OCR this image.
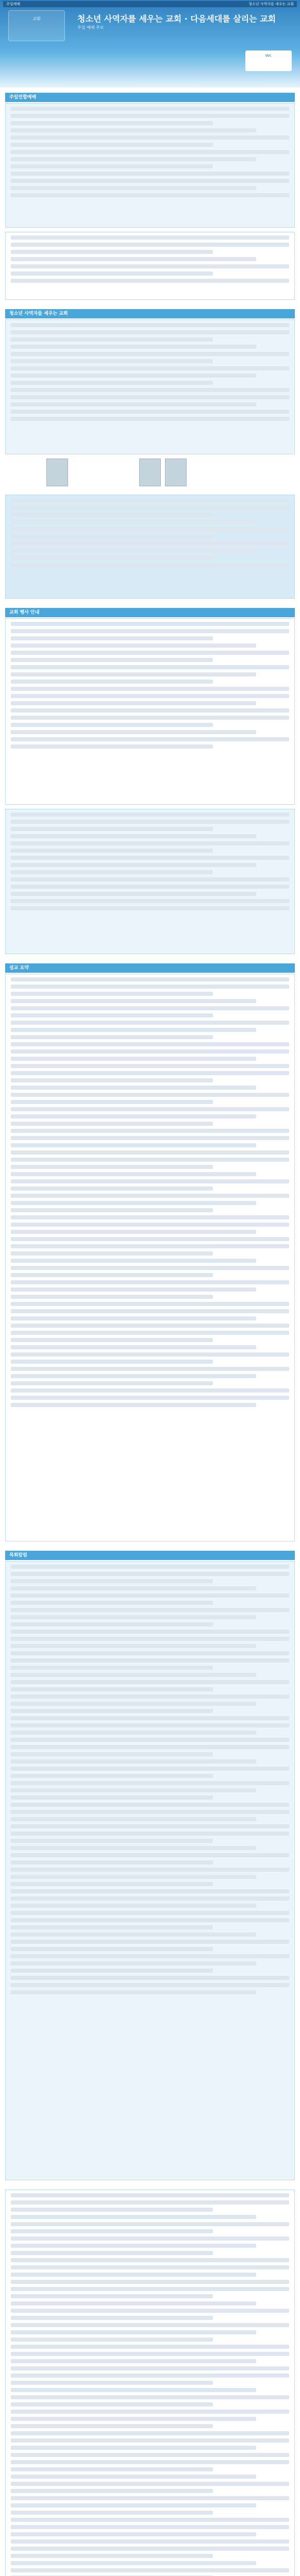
주일예배	청소년 사역자를 세우는 교회
교회	청소년 사역자를 세우는 교회 · 다음세대를 살리는 교회
주일 예배 주보
Vol.
주일연합예배
청소년 사역자를 세우는 교회
교회 행사 안내
설교 요약
목회칼럼
